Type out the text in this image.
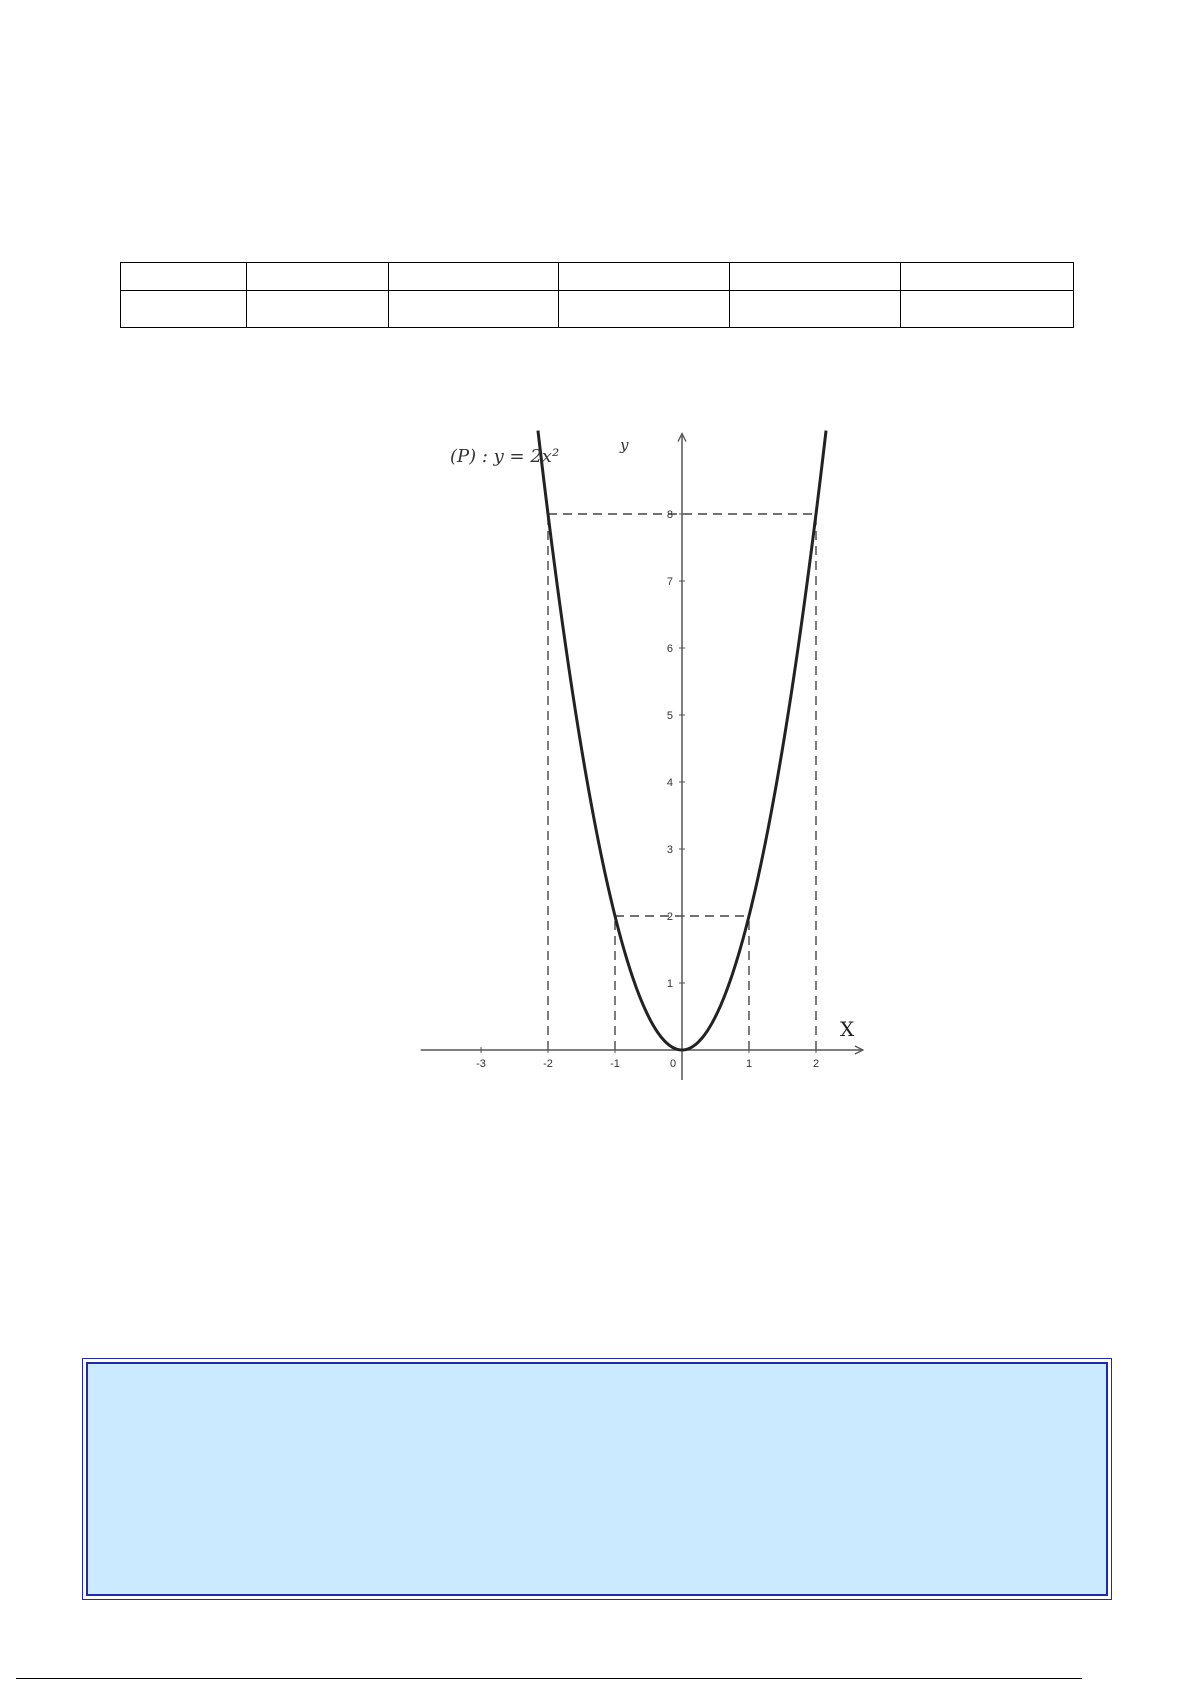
-3	-2	-1	0	1	2
1
2
3
4
5
6
7
8
(P) : y = 2x²
y
X
